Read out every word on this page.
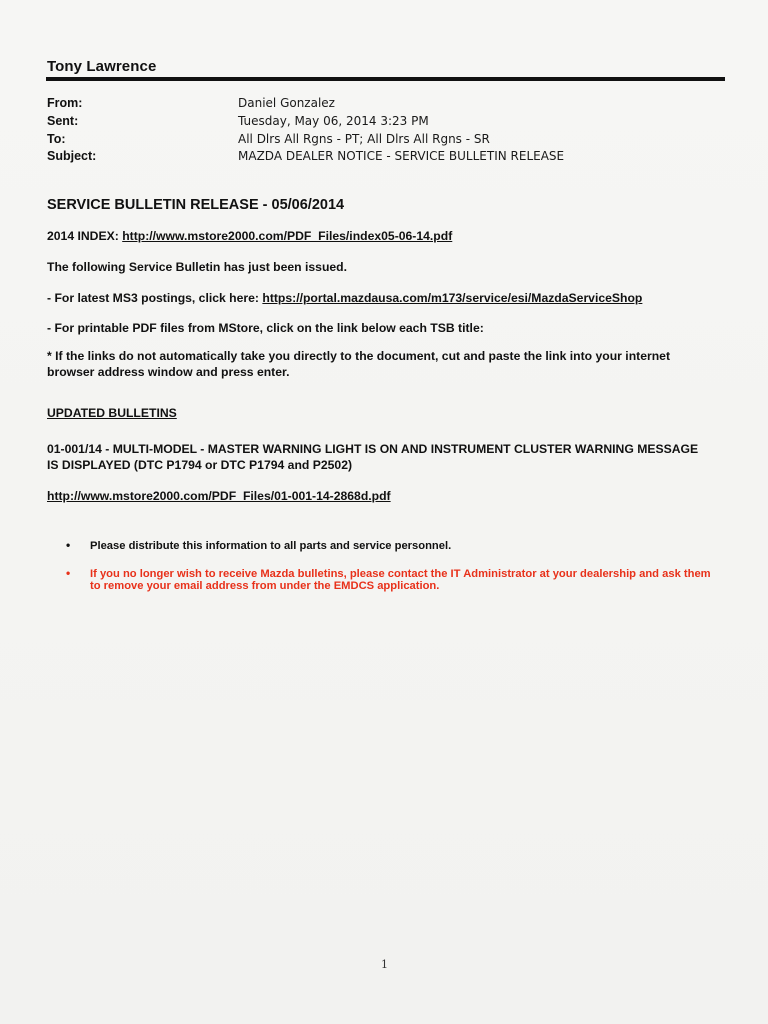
Tony Lawrence
From:	Daniel Gonzalez
Sent:	Tuesday, May 06, 2014 3:23 PM
To:	All Dlrs All Rgns - PT; All Dlrs All Rgns - SR
Subject:	MAZDA DEALER NOTICE - SERVICE BULLETIN RELEASE
SERVICE BULLETIN RELEASE - 05/06/2014
2014 INDEX: http://www.mstore2000.com/PDF_Files/index05-06-14.pdf
The following Service Bulletin has just been issued.
- For latest MS3 postings, click here: https://portal.mazdausa.com/m173/service/esi/MazdaServiceShop
- For printable PDF files from MStore, click on the link below each TSB title:
* If the links do not automatically take you directly to the document, cut and paste the link into your internet
browser address window and press enter.
UPDATED BULLETINS
01-001/14 - MULTI-MODEL - MASTER WARNING LIGHT IS ON AND INSTRUMENT CLUSTER WARNING MESSAGE
IS DISPLAYED (DTC P1794 or DTC P1794 and P2502)
http://www.mstore2000.com/PDF_Files/01-001-14-2868d.pdf
• Please distribute this information to all parts and service personnel.
• If you no longer wish to receive Mazda bulletins, please contact the IT Administrator at your dealership and ask them
to remove your email address from under the EMDCS application.
1
